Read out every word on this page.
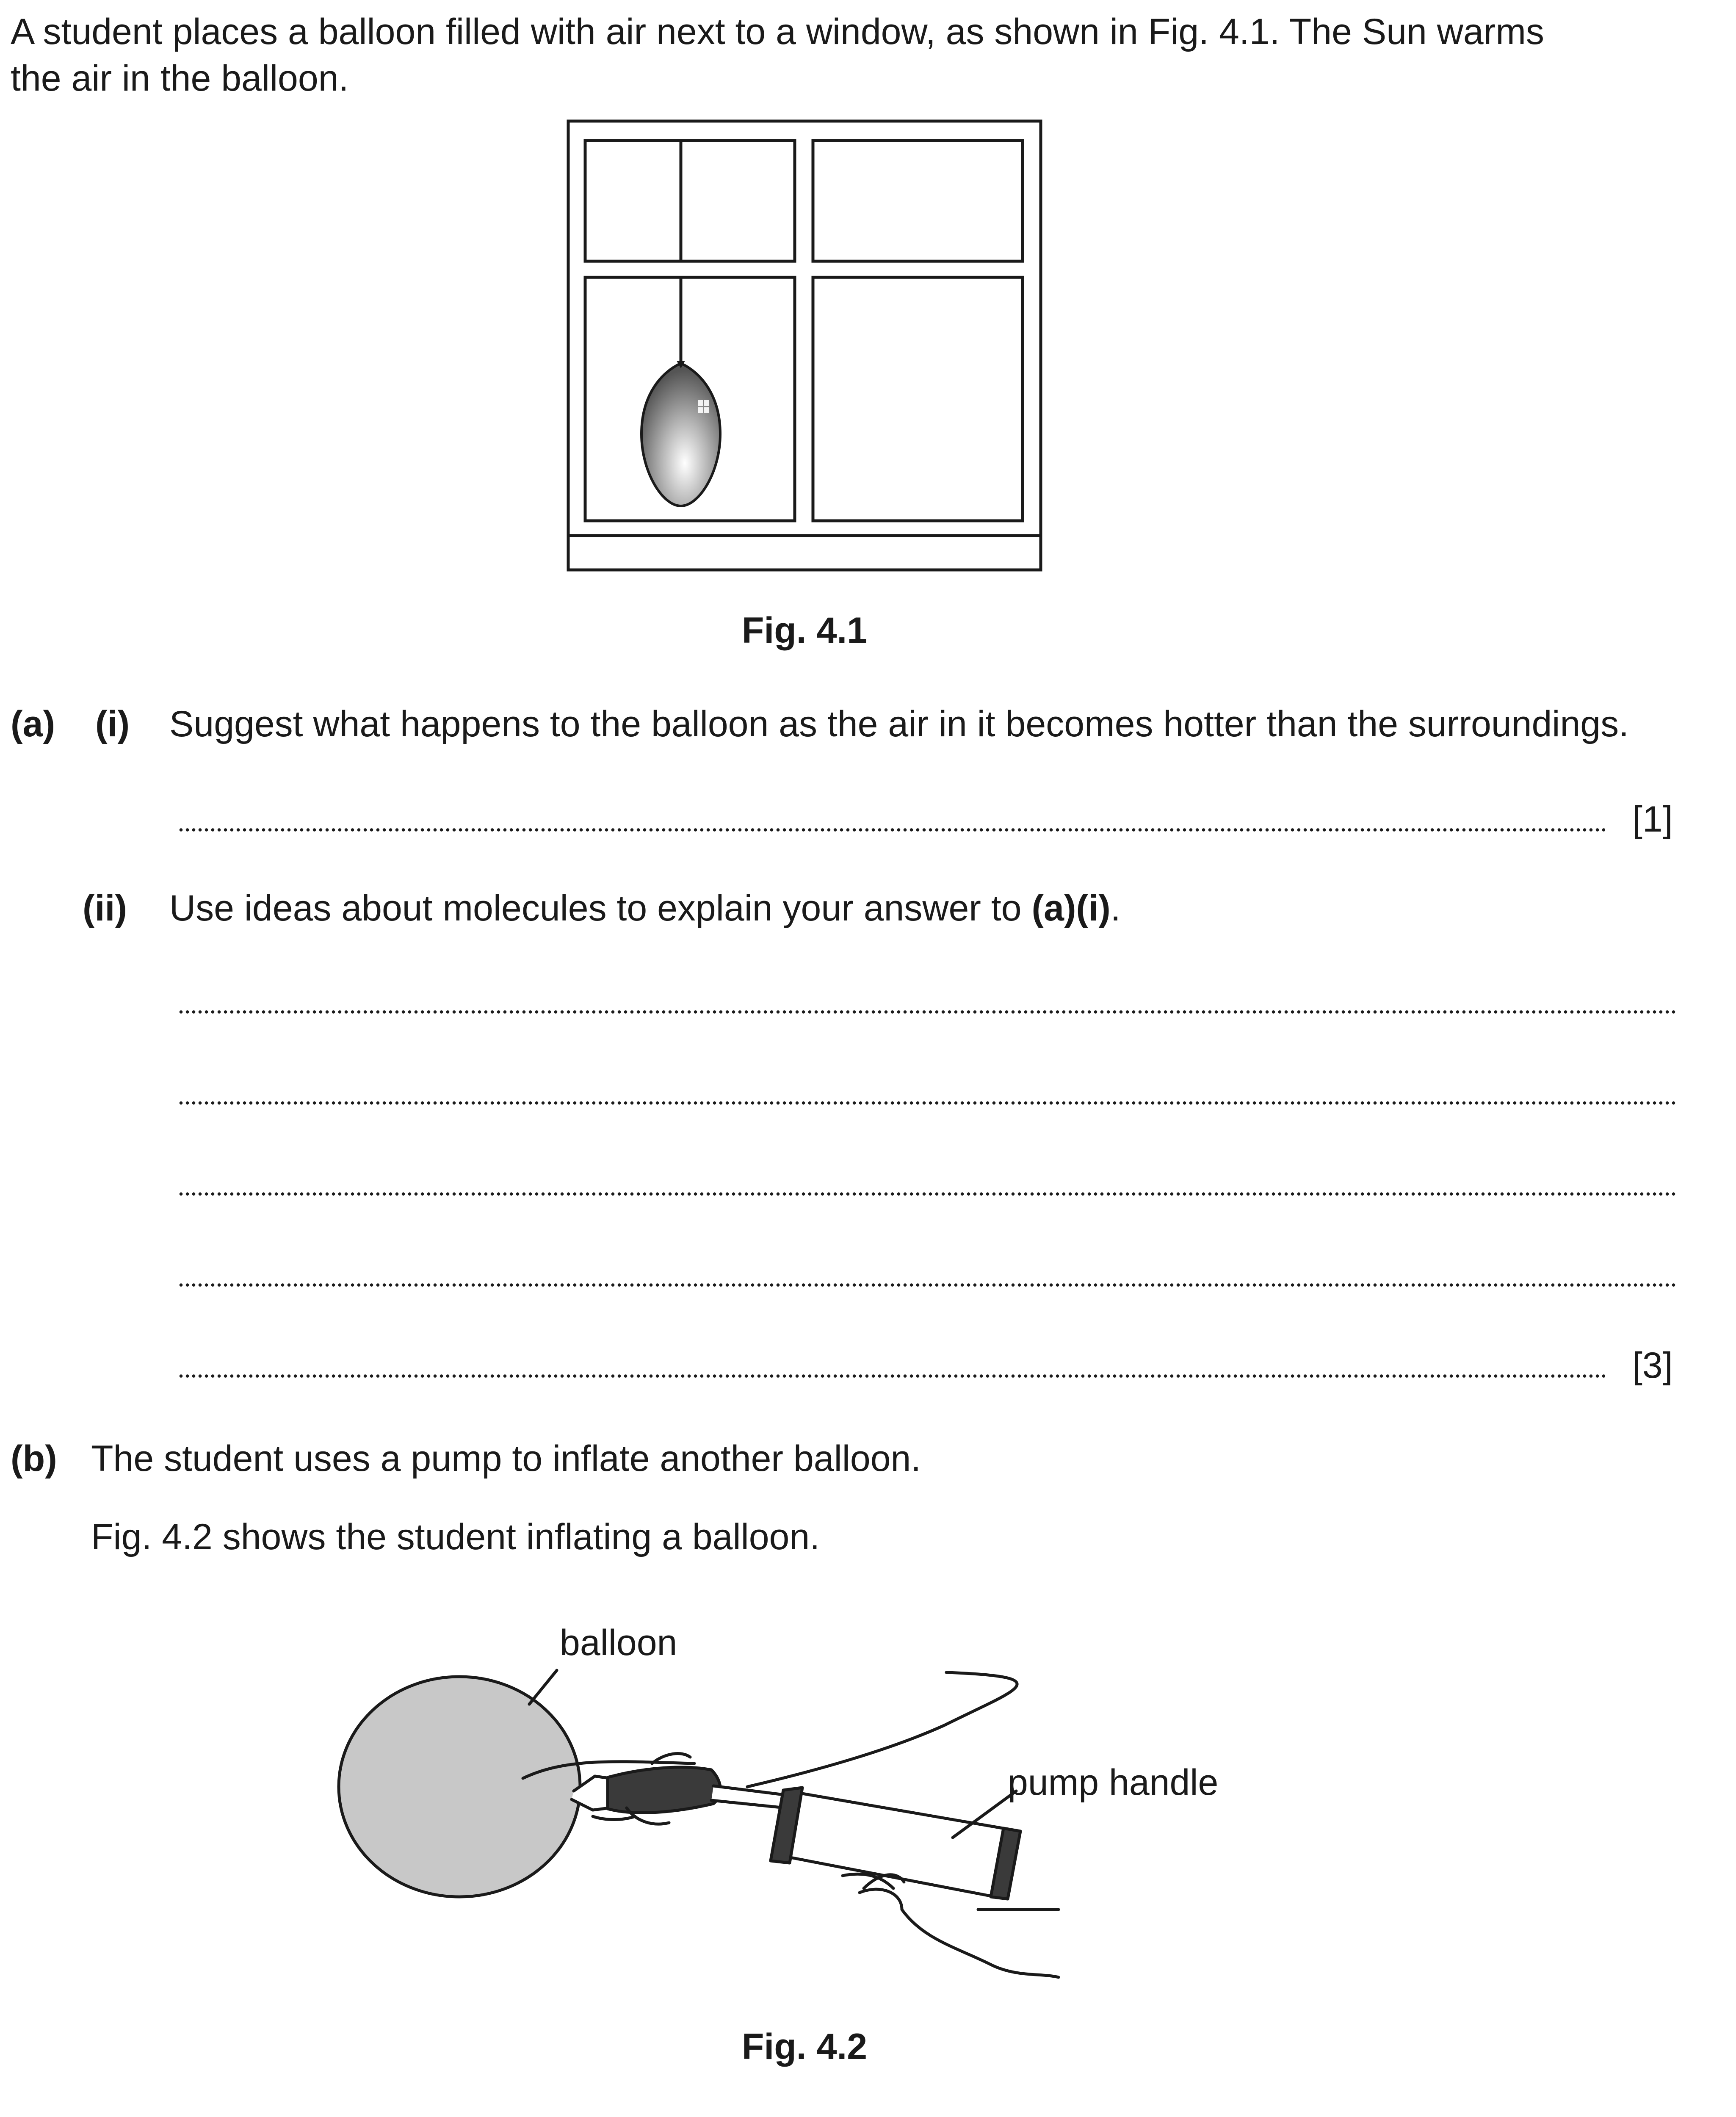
A student places a balloon filled with air next to a window, as shown in Fig. 4.1. The Sun warms
the air in the balloon.
Fig. 4.1
(a) (i) Suggest what happens to the balloon as the air in it becomes hotter than the surroundings.
[1]
(ii) Use ideas about molecules to explain your answer to (a)(i).
[3]
(b) The student uses a pump to inflate another balloon.
Fig. 4.2 shows the student inflating a balloon.
balloon
pump handle
Fig. 4.2
